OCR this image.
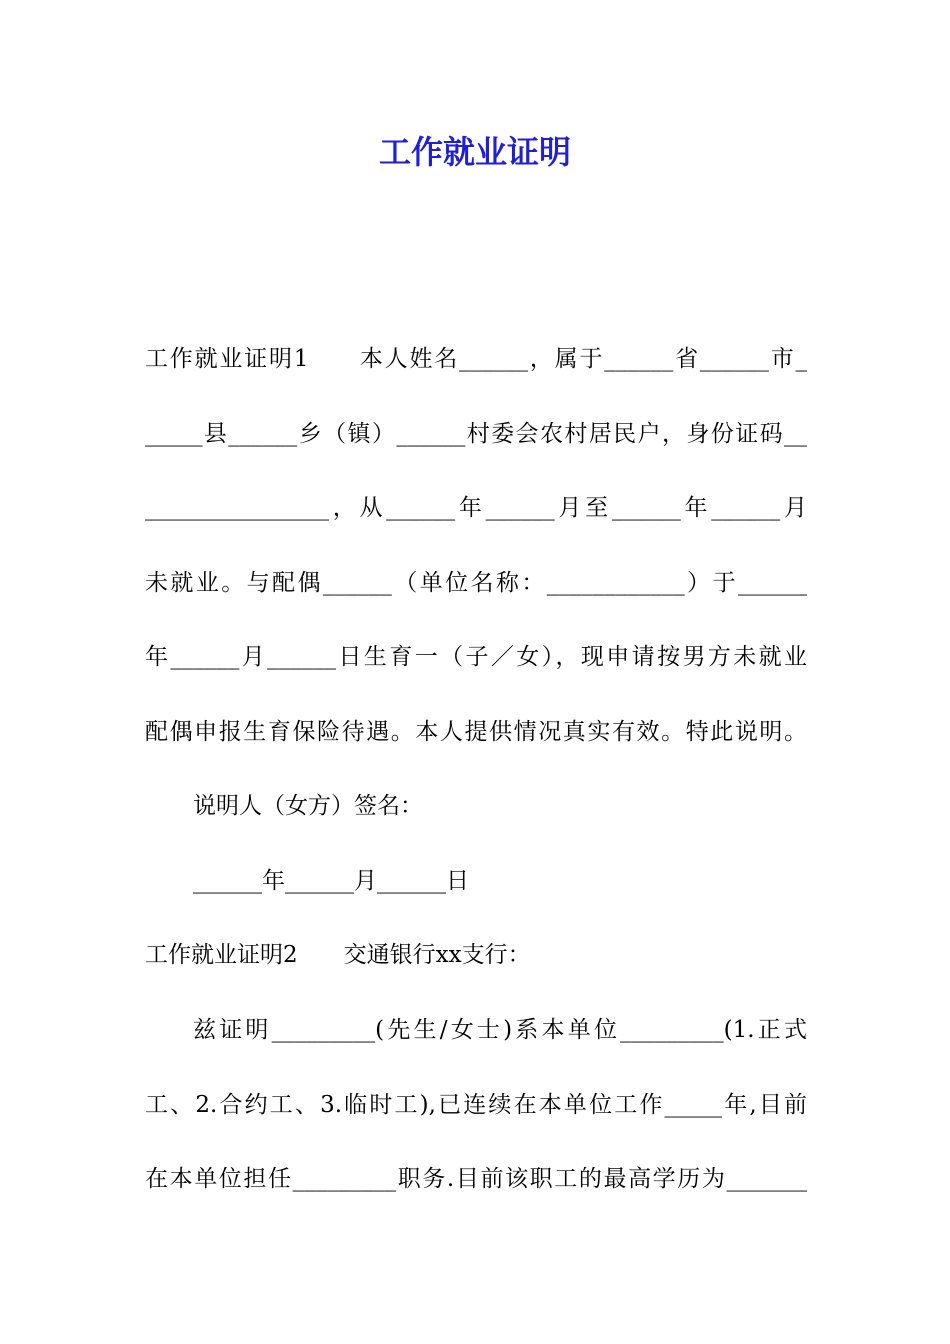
工作就业证明
工作就业证明1　　本人姓名______，属于______省______市_
_____县______乡（镇）______村委会农村居民户，身份证码__
________________，从______年______月至______年______月
未就业。与配偶______（单位名称：____________）于______
年______月______日生育一（子／女），现申请按男方未就业
配偶申报生育保险待遇。本人提供情况真实有效。特此说明。
说明人（女方）签名：
______年______月______日
工作就业证明2　　交通银行xx支行：
兹证明_________(先生/女士)系本单位_________(1.正式
工、2.合约工、3.临时工),已连续在本单位工作_____年,目前
在本单位担任_________职务.目前该职工的最高学历为_______
